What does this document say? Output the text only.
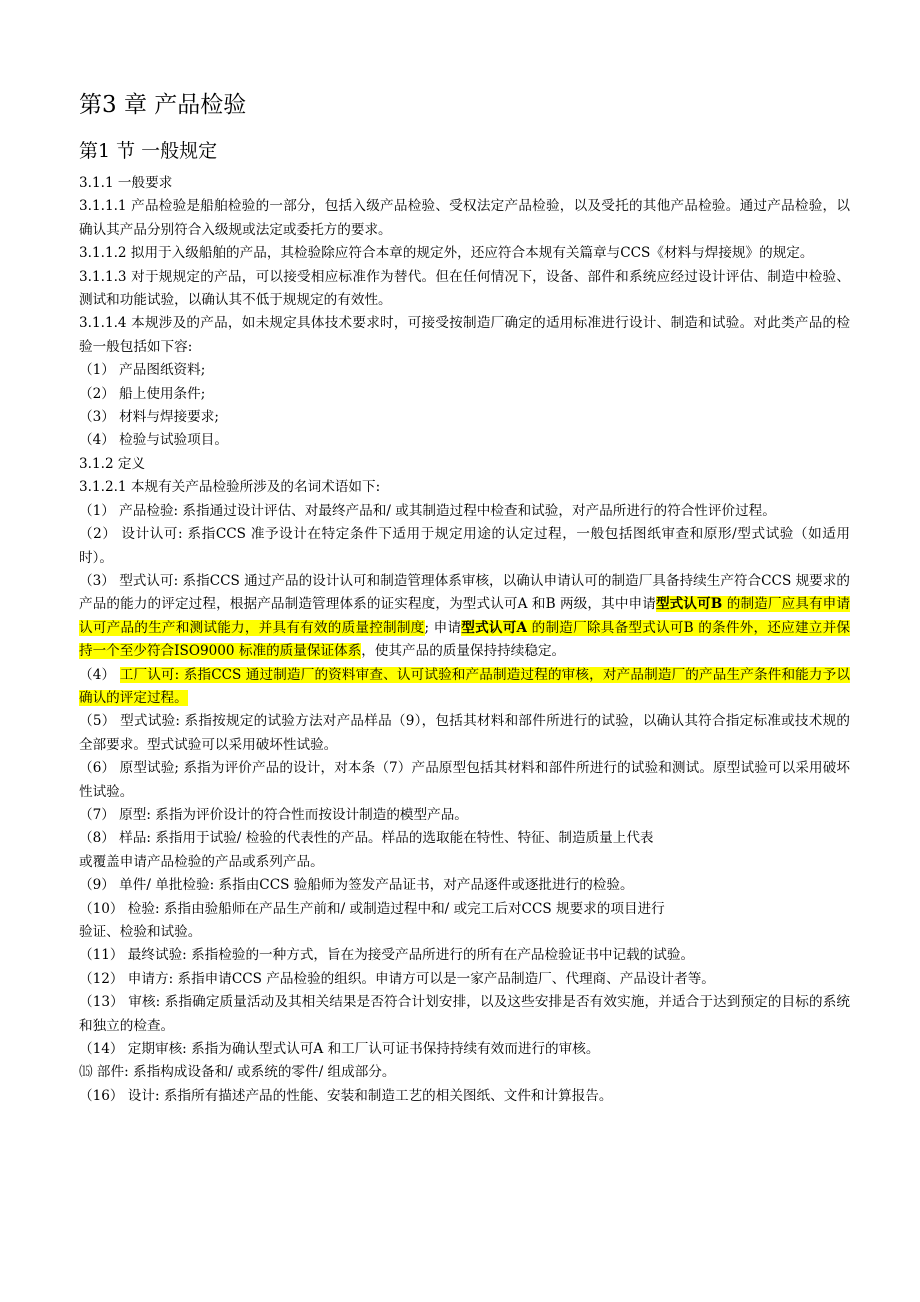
第3 章 产品检验
第1 节 一般规定

3.1.1 一般要求

3.1.1.1 产品检验是船舶检验的一部分，包括入级产品检验、受权法定产品检验，以及受托的其他产品检验。通过产品检验，以确认其产品分别符合入级规或法定或委托方的要求。

3.1.1.2 拟用于入级船舶的产品，其检验除应符合本章的规定外，还应符合本规有关篇章与CCS《材料与焊接规》的规定。

3.1.1.3 对于规规定的产品，可以接受相应标准作为替代。但在任何情况下，设备、部件和系统应经过设计评估、制造中检验、测试和功能试验，以确认其不低于规规定的有效性。

3.1.1.4 本规涉及的产品，如未规定具体技术要求时，可接受按制造厂确定的适用标准进行设计、制造和试验。对此类产品的检验一般包括如下容:

（1） 产品图纸资料;

（2） 船上使用条件;

（3） 材料与焊接要求;

（4） 检验与试验项目。

3.1.2 定义

3.1.2.1 本规有关产品检验所涉及的名词术语如下:

（1） 产品检验: 系指通过设计评估、对最终产品和/ 或其制造过程中检查和试验，对产品所进行的符合性评价过程。

（2） 设计认可: 系指CCS 准予设计在特定条件下适用于规定用途的认定过程，一般包括图纸审查和原形/型式试验（如适用时）。

（3） 型式认可: 系指CCS 通过产品的设计认可和制造管理体系审核，以确认申请认可的制造厂具备持续生产符合CCS 规要求的产品的能力的评定过程，根据产品制造管理体系的证实程度，为型式认可A 和B 两级，其中申请型式认可B 的制造厂应具有申请认可产品的生产和测试能力，并具有有效的质量控制制度; 申请型式认可A 的制造厂除具备型式认可B 的条件外，还应建立并保持一个至少符合ISO9000 标准的质量保证体系，使其产品的质量保持持续稳定。

（4） 工厂认可: 系指CCS 通过制造厂的资料审查、认可试验和产品制造过程的审核，对产品制造厂的产品生产条件和能力予以确认的评定过程。

（5） 型式试验: 系指按规定的试验方法对产品样品（9），包括其材料和部件所进行的试验，以确认其符合指定标准或技术规的全部要求。型式试验可以采用破坏性试验。

（6） 原型试验; 系指为评价产品的设计，对本条（7）产品原型包括其材料和部件所进行的试验和测试。原型试验可以采用破坏性试验。

（7） 原型: 系指为评价设计的符合性而按设计制造的模型产品。

（8） 样品: 系指用于试验/ 检验的代表性的产品。样品的选取能在特性、特征、制造质量上代表

或覆盖申请产品检验的产品或系列产品。

（9） 单件/ 单批检验: 系指由CCS 验船师为签发产品证书，对产品逐件或逐批进行的检验。

（10） 检验: 系指由验船师在产品生产前和/ 或制造过程中和/ 或完工后对CCS 规要求的项目进行

验证、检验和试验。

（11） 最终试验: 系指检验的一种方式，旨在为接受产品所进行的所有在产品检验证书中记载的试验。

（12） 申请方: 系指申请CCS 产品检验的组织。申请方可以是一家产品制造厂、代理商、产品设计者等。

（13） 审核: 系指确定质量活动及其相关结果是否符合计划安排，以及这些安排是否有效实施，并适合于达到预定的目标的系统和独立的检查。

（14） 定期审核: 系指为确认型式认可A 和工厂认可证书保持持续有效而进行的审核。

⒂ 部件: 系指构成设备和/ 或系统的零件/ 组成部分。

（16） 设计: 系指所有描述产品的性能、安装和制造工艺的相关图纸、文件和计算报告。
